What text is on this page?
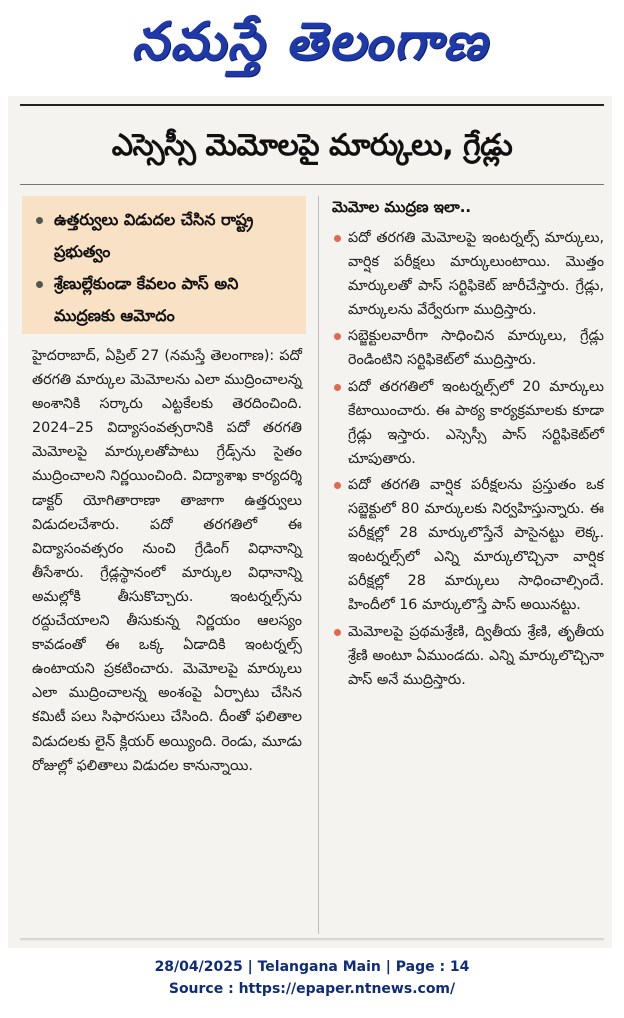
నమస్తే తెలంగాణ
ఎస్సెస్సీ మెమోలపై మార్కులు, గ్రేడ్లు
ఉత్తర్వులు విడుదల చేసిన రాష్ట్ర ప్రభుత్వం
శ్రేణుల్లేకుండా కేవలం పాస్ అని ముద్రణకు ఆమోదం
హైదరాబాద్, ఏప్రిల్ 27 (నమస్తే తెలంగాణ): పదో తరగతి మార్కుల మెమోలను ఎలా ముద్రించాలన్న అంశానికి సర్కారు ఎట్టకేలకు తెరదించింది. 2024–25 విద్యాసంవత్సరానికి పదో తరగతి మెమోలపై మార్కులతోపాటు గ్రేడ్స్‌ను సైతం ముద్రించాలని నిర్ణయించింది. విద్యాశాఖ కార్యదర్శి డాక్టర్ యోగితారాణా తాజాగా ఉత్తర్వులు విడుదలచేశారు. పదో తరగతిలో ఈ విద్యాసంవత్సరం నుంచి గ్రేడింగ్ విధానాన్ని తీసేశారు. గ్రేడ్లస్థానంలో మార్కుల విధానాన్ని అమల్లోకి తీసుకొచ్చారు. ఇంటర్నల్స్‌ను రద్దుచేయాలని తీసుకున్న నిర్ణయం ఆలస్యం కావడంతో ఈ ఒక్క ఏడాదికి ఇంటర్నల్స్ ఉంటాయని ప్రకటించారు. మెమోలపై మార్కులు ఎలా ముద్రించాలన్న అంశంపై ఏర్పాటు చేసిన కమిటీ పలు సిఫారసులు చేసింది. దీంతో ఫలితాల విడుదలకు లైన్ క్లియర్ అయ్యింది. రెండు, మూడు రోజుల్లో ఫలితాలు విడుదల కానున్నాయి.
మెమోల ముద్రణ ఇలా..

పదో తరగతి మెమోలపై ఇంటర్నల్స్ మార్కులు, వార్షిక పరీక్షలు మార్కులుంటాయి. మొత్తం మార్కులతో పాస్ సర్టిఫికెట్ జారీచేస్తారు. గ్రేడ్లు, మార్కులను వేర్వేరుగా ముద్రిస్తారు.

సబ్జెక్టులవారీగా సాధించిన మార్కులు, గ్రేడ్లు రెండింటిని సర్టిఫికెట్‌లో ముద్రిస్తారు.

పదో తరగతిలో ఇంటర్నల్స్‌లో 20 మార్కులు కేటాయించారు. ఈ పాఠ్య కార్యక్రమాలకు కూడా గ్రేడ్లు ఇస్తారు. ఎస్సెస్సీ పాస్ సర్టిఫికెట్‌లో చూపుతారు.

పదో తరగతి వార్షిక పరీక్షలను ప్రస్తుతం ఒక సబ్జెక్టులో 80 మార్కులకు నిర్వహిస్తున్నారు. ఈ పరీక్షల్లో 28 మార్కులొస్తేనే పాసైనట్టు లెక్క. ఇంటర్నల్స్‌లో ఎన్ని మార్కులొచ్చినా వార్షిక పరీక్షల్లో 28 మార్కులు సాధించాల్సిందే. హిందీలో 16 మార్కులొస్తే పాస్ అయినట్టు.

మెమోలపై ప్రథమశ్రేణి, ద్వితీయ శ్రేణి, తృతీయ శ్రేణి అంటూ ఏముండదు. ఎన్ని మార్కులొచ్చినా పాస్ అనే ముద్రిస్తారు.

28/04/2025 | Telangana Main | Page : 14
Source : https://epaper.ntnews.com/
